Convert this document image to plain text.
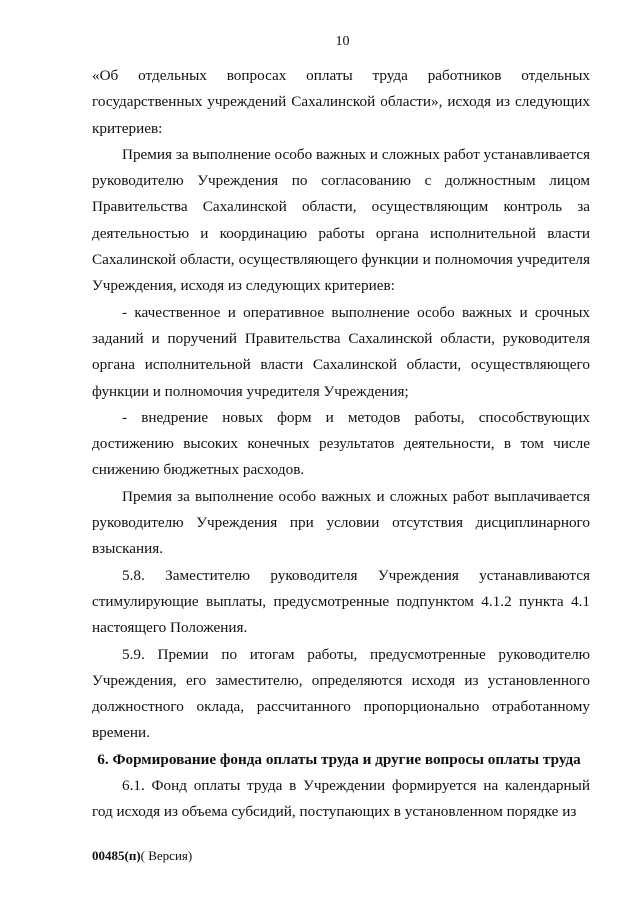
10

«Об отдельных вопросах оплаты труда работников отдельных государственных учреждений Сахалинской области», исходя из следующих критериев:

Премия за выполнение особо важных и сложных работ устанавливается руководителю Учреждения по согласованию с должностным лицом Правительства Сахалинской области, осуществляющим контроль за деятельностью и координацию работы органа исполнительной власти Сахалинской области, осуществляющего функции и полномочия учредителя Учреждения, исходя из следующих критериев:

- качественное и оперативное выполнение особо важных и срочных заданий и поручений Правительства Сахалинской области, руководителя органа исполнительной власти Сахалинской области, осуществляющего функции и полномочия учредителя Учреждения;

- внедрение новых форм и методов работы, способствующих достижению высоких конечных результатов деятельности, в том числе снижению бюджетных расходов.

Премия за выполнение особо важных и сложных работ выплачивается руководителю Учреждения при условии отсутствия дисциплинарного взыскания.

5.8. Заместителю руководителя Учреждения устанавливаются стимулирующие выплаты, предусмотренные подпунктом 4.1.2 пункта 4.1 настоящего Положения.

5.9. Премии по итогам работы, предусмотренные руководителю Учреждения, его заместителю, определяются исходя из установленного должностного оклада, рассчитанного пропорционально отработанному времени.

6. Формирование фонда оплаты труда и другие вопросы оплаты труда

6.1. Фонд оплаты труда в Учреждении формируется на календарный год исходя из объема субсидий, поступающих в установленном порядке из

00485(п)( Версия)
